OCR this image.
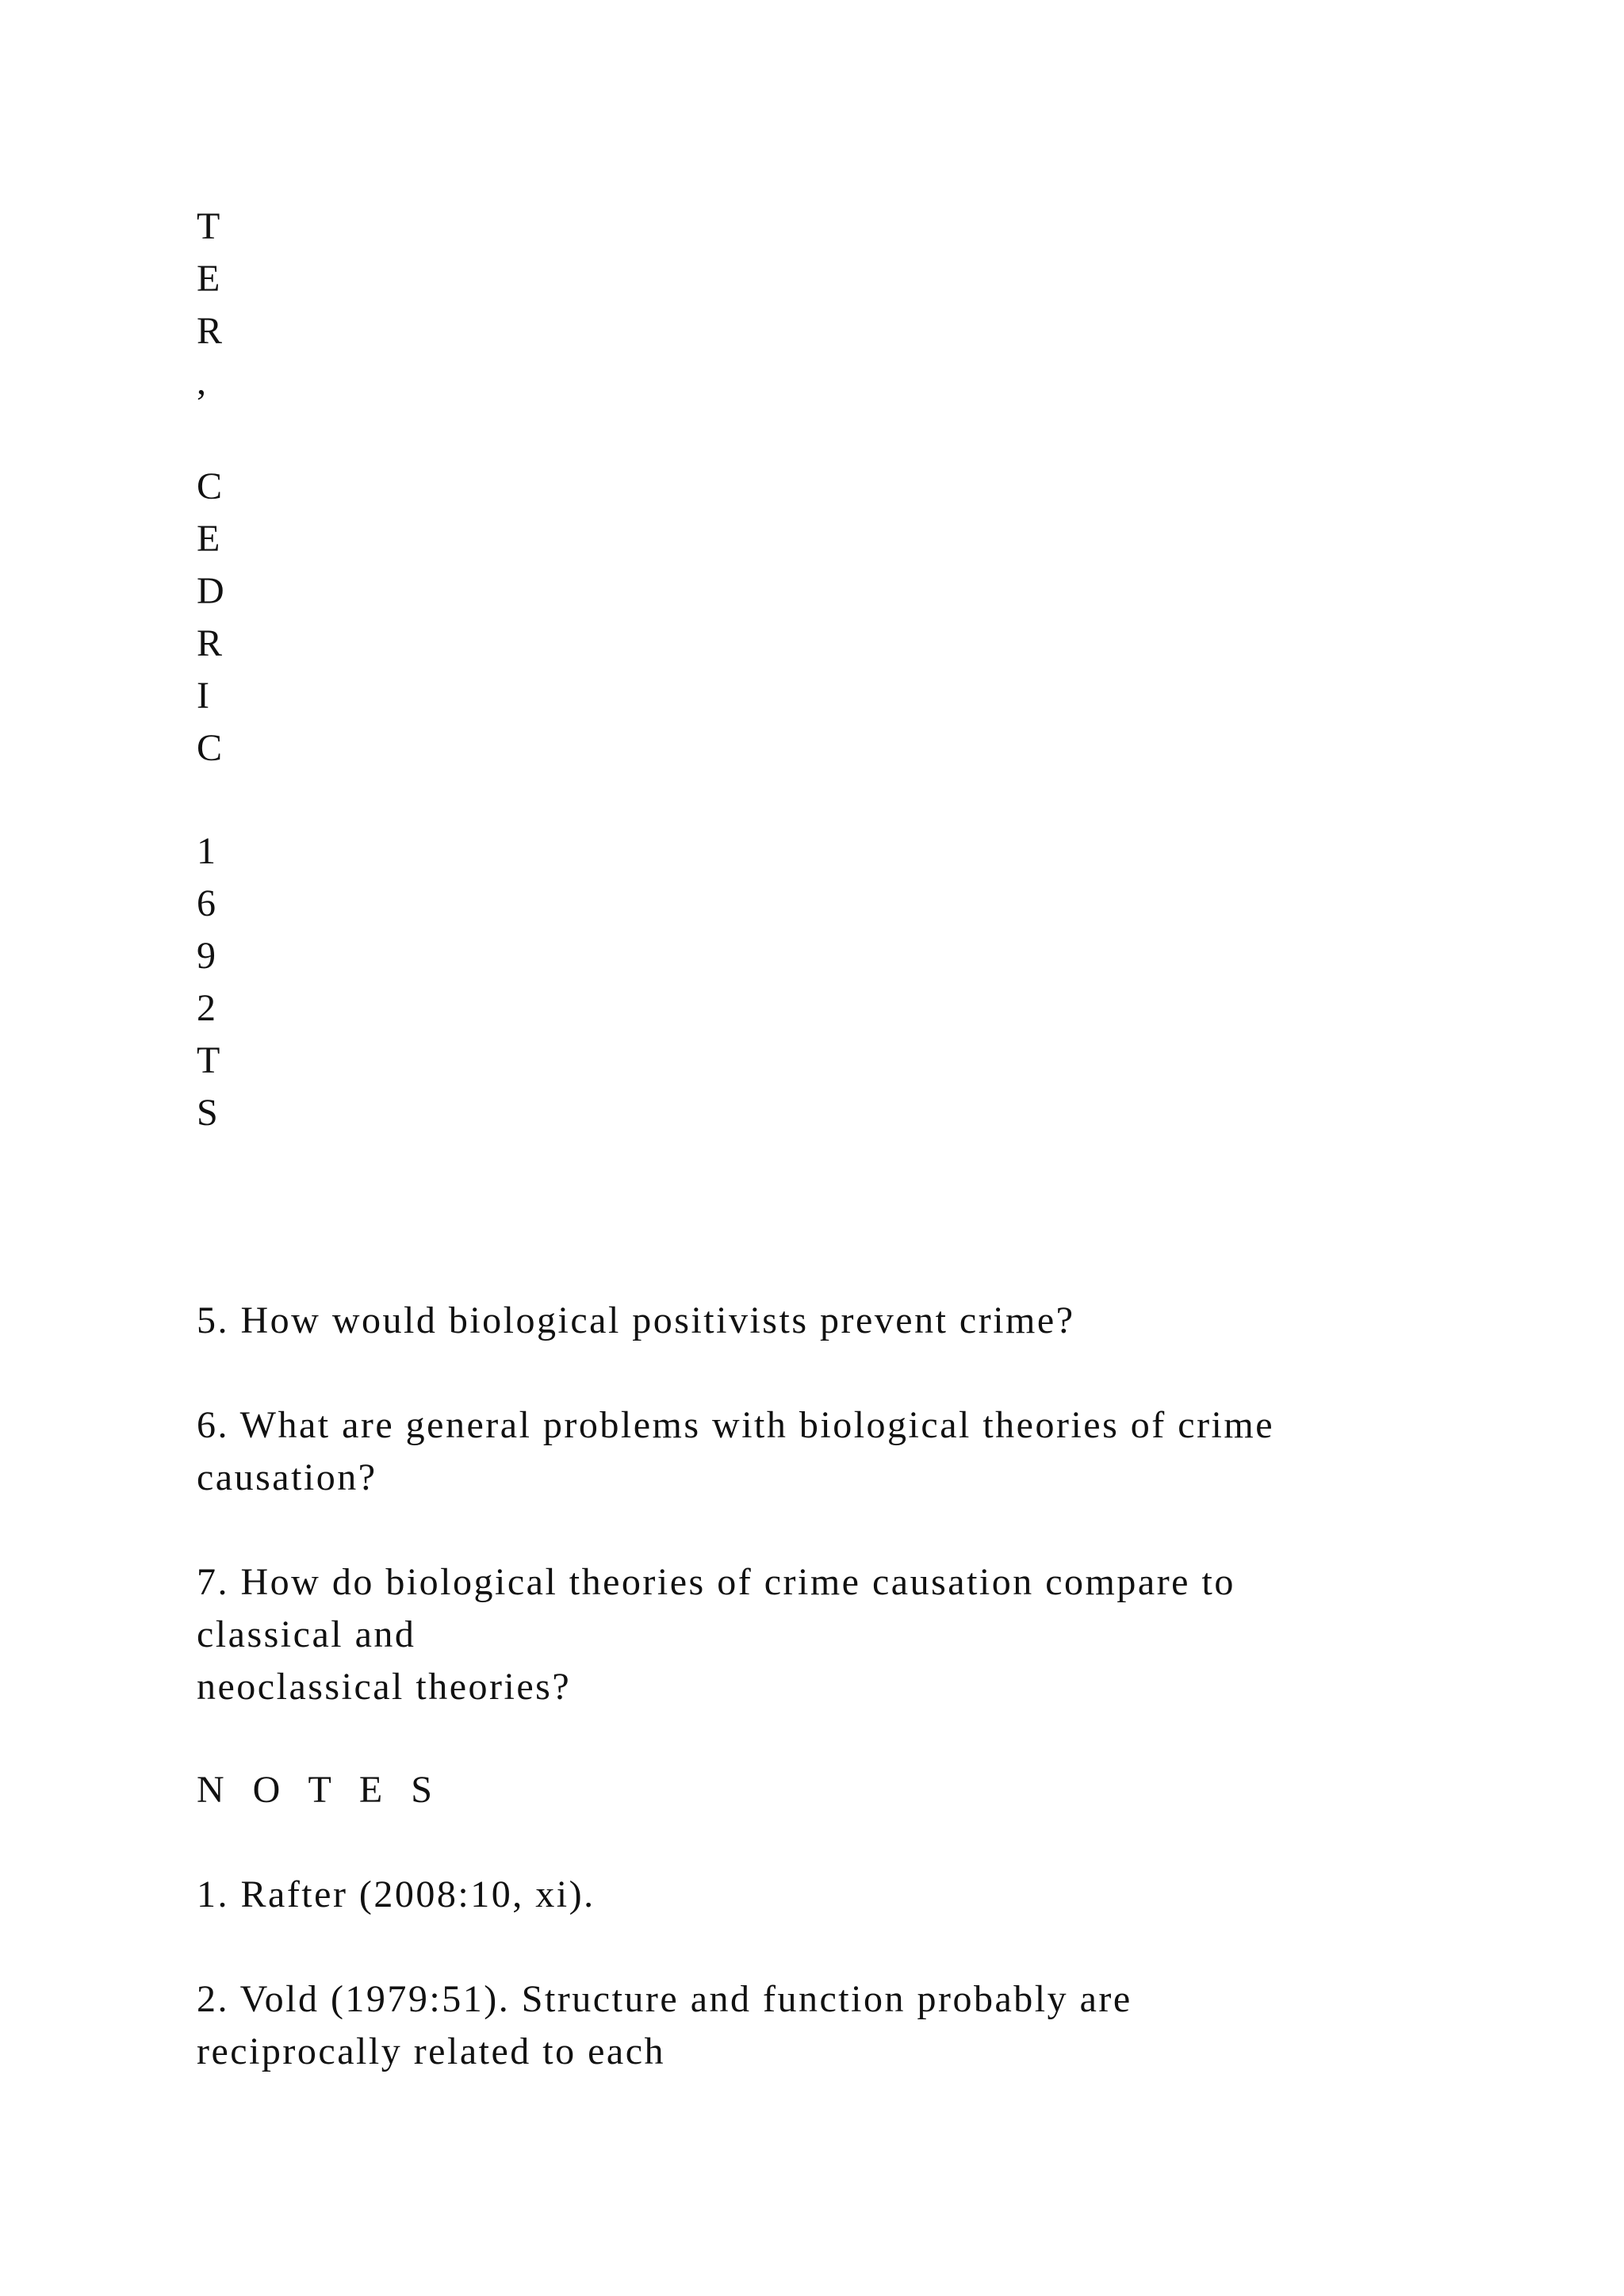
T
E
R
,
C
E
D
R
I
C
1
6
9
2
T
S
5. How would biological positivists prevent crime?
6. What are general problems with biological theories of crime
causation?
7. How do biological theories of crime causation compare to
classical and
neoclassical theories?
N O T E S
1. Rafter (2008:10, xi).
2. Vold (1979:51). Structure and function probably are
reciprocally related to each
